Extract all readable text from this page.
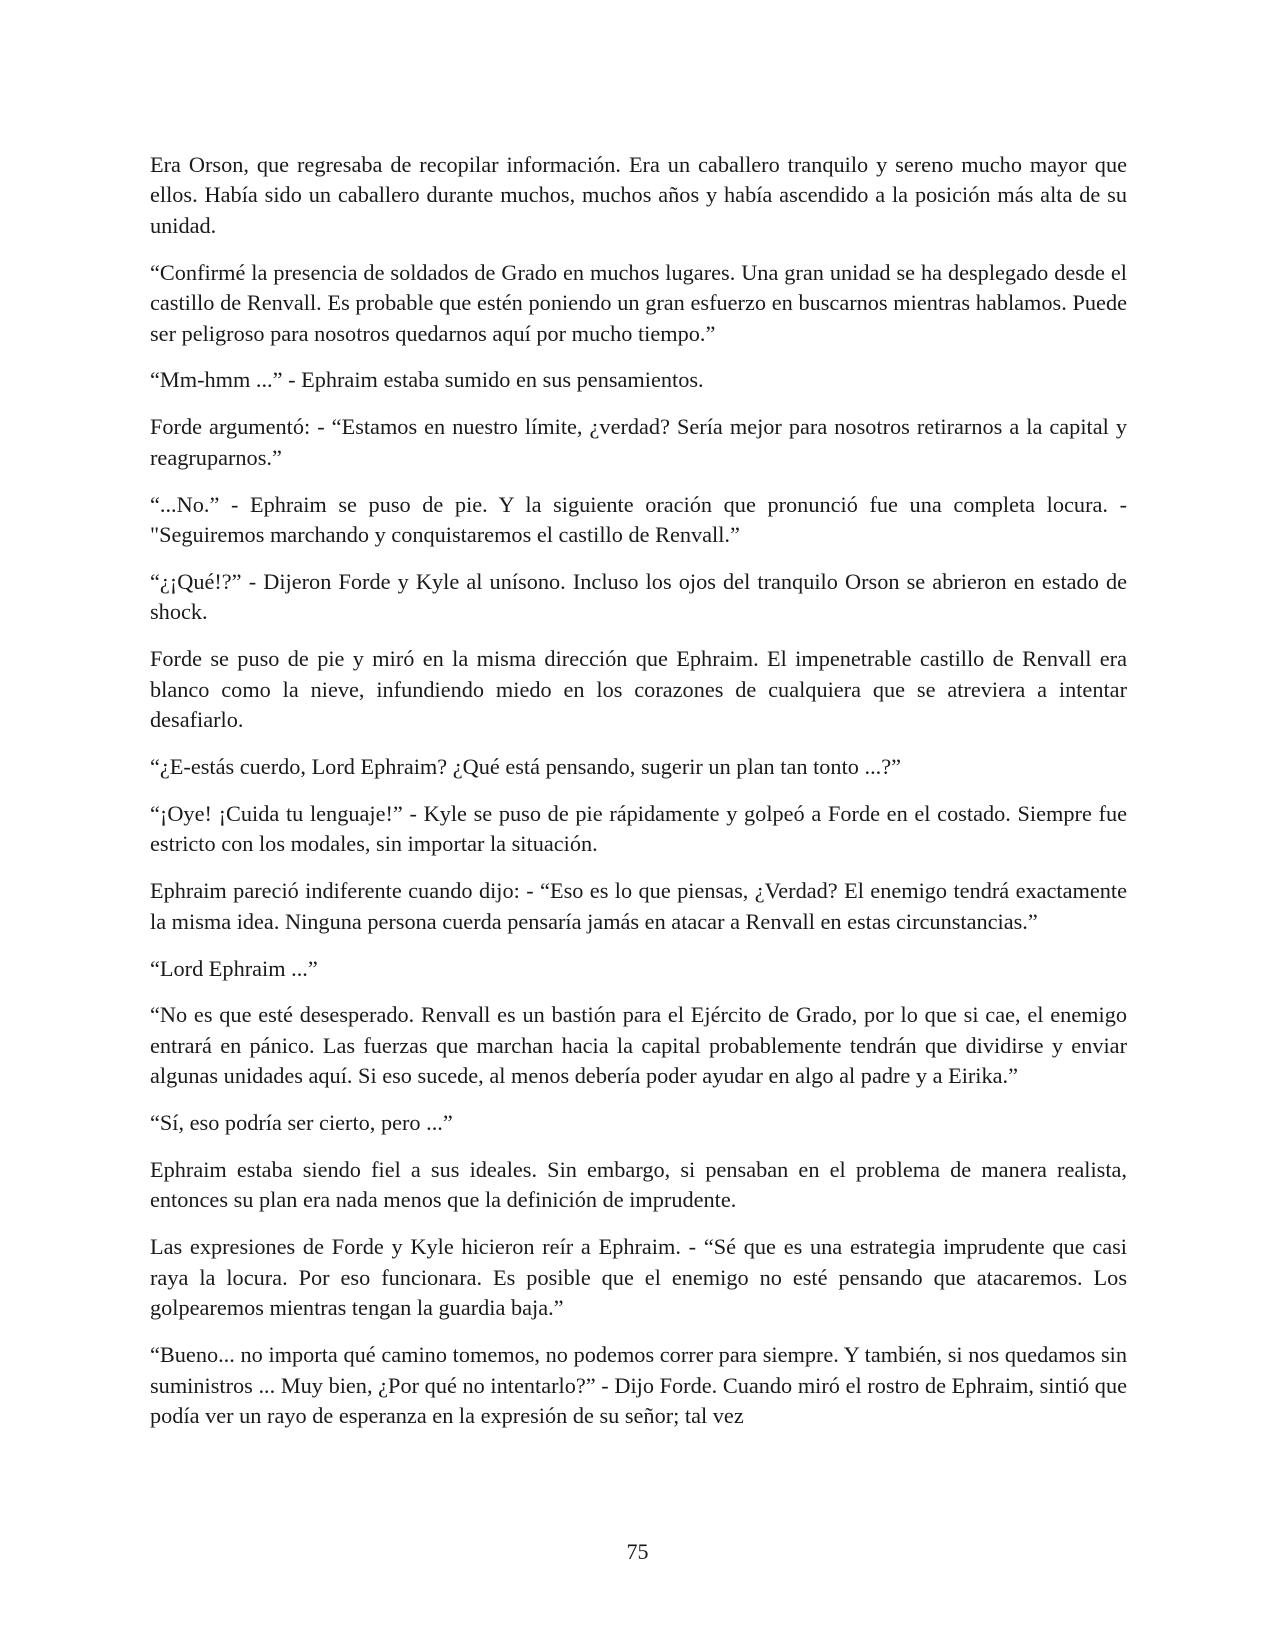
Era Orson, que regresaba de recopilar información. Era un caballero tranquilo y sereno mucho mayor que ellos. Había sido un caballero durante muchos, muchos años y había ascendido a la posición más alta de su unidad.

“Confirmé la presencia de soldados de Grado en muchos lugares. Una gran unidad se ha desplegado desde el castillo de Renvall. Es probable que estén poniendo un gran esfuerzo en buscarnos mientras hablamos. Puede ser peligroso para nosotros quedarnos aquí por mucho tiempo.”

“Mm-hmm ...” - Ephraim estaba sumido en sus pensamientos.

Forde argumentó: - “Estamos en nuestro límite, ¿verdad? Sería mejor para nosotros retirarnos a la capital y reagruparnos.”

“...No.” - Ephraim se puso de pie. Y la siguiente oración que pronunció fue una completa locura. - "Seguiremos marchando y conquistaremos el castillo de Renvall.”

“¿¡Qué!?” - Dijeron Forde y Kyle al unísono. Incluso los ojos del tranquilo Orson se abrieron en estado de shock.

Forde se puso de pie y miró en la misma dirección que Ephraim. El impenetrable castillo de Renvall era blanco como la nieve, infundiendo miedo en los corazones de cualquiera que se atreviera a intentar desafiarlo.

“¿E-estás cuerdo, Lord Ephraim? ¿Qué está pensando, sugerir un plan tan tonto ...?”

“¡Oye! ¡Cuida tu lenguaje!” - Kyle se puso de pie rápidamente y golpeó a Forde en el costado. Siempre fue estricto con los modales, sin importar la situación.

Ephraim pareció indiferente cuando dijo: - “Eso es lo que piensas, ¿Verdad? El enemigo tendrá exactamente la misma idea. Ninguna persona cuerda pensaría jamás en atacar a Renvall en estas circunstancias.”

“Lord Ephraim ...”

“No es que esté desesperado. Renvall es un bastión para el Ejército de Grado, por lo que si cae, el enemigo entrará en pánico. Las fuerzas que marchan hacia la capital probablemente tendrán que dividirse y enviar algunas unidades aquí. Si eso sucede, al menos debería poder ayudar en algo al padre y a Eirika.”

“Sí, eso podría ser cierto, pero ...”

Ephraim estaba siendo fiel a sus ideales. Sin embargo, si pensaban en el problema de manera realista, entonces su plan era nada menos que la definición de imprudente.

Las expresiones de Forde y Kyle hicieron reír a Ephraim. - “Sé que es una estrategia imprudente que casi raya la locura. Por eso funcionara. Es posible que el enemigo no esté pensando que atacaremos. Los golpearemos mientras tengan la guardia baja.”

“Bueno... no importa qué camino tomemos, no podemos correr para siempre. Y también, si nos quedamos sin suministros ... Muy bien, ¿Por qué no intentarlo?” - Dijo Forde. Cuando miró el rostro de Ephraim, sintió que podía ver un rayo de esperanza en la expresión de su señor; tal vez

75
